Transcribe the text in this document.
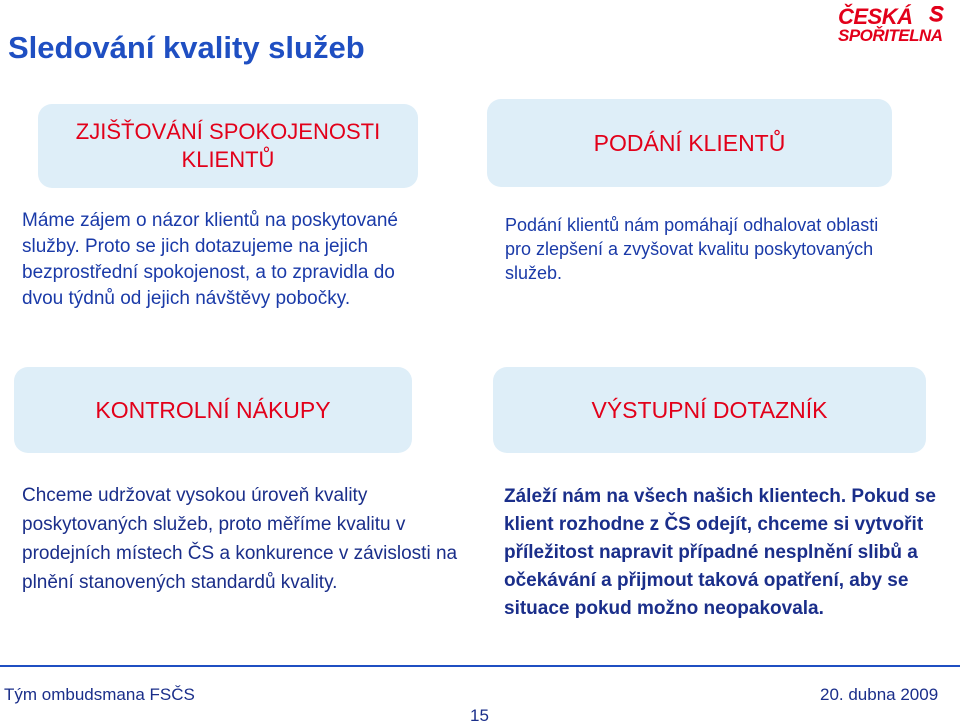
Sledování kvality služeb
ČESKÁ
SPOŘITELNA
ZJIŠŤOVÁNÍ SPOKOJENOSTI KLIENTŮ
Máme zájem o názor klientů na poskytované služby. Proto se jich dotazujeme na jejich bezprostřední spokojenost, a to zpravidla do dvou týdnů od jejich návštěvy pobočky.
PODÁNÍ KLIENTŮ
Podání klientů nám pomáhají odhalovat oblasti pro zlepšení a zvyšovat kvalitu poskytovaných služeb.
KONTROLNÍ NÁKUPY
Chceme udržovat vysokou úroveň kvality poskytovaných služeb, proto měříme kvalitu v prodejních místech ČS a konkurence v závislosti na plnění stanovených standardů kvality.
VÝSTUPNÍ DOTAZNÍK
Záleží nám na všech našich klientech. Pokud se klient rozhodne z ČS odejít, chceme si vytvořit příležitost napravit případné nesplnění slibů a očekávání a přijmout taková opatření, aby se situace pokud možno neopakovala.
Tým ombudsmana FSČS	20. dubna 2009
15
